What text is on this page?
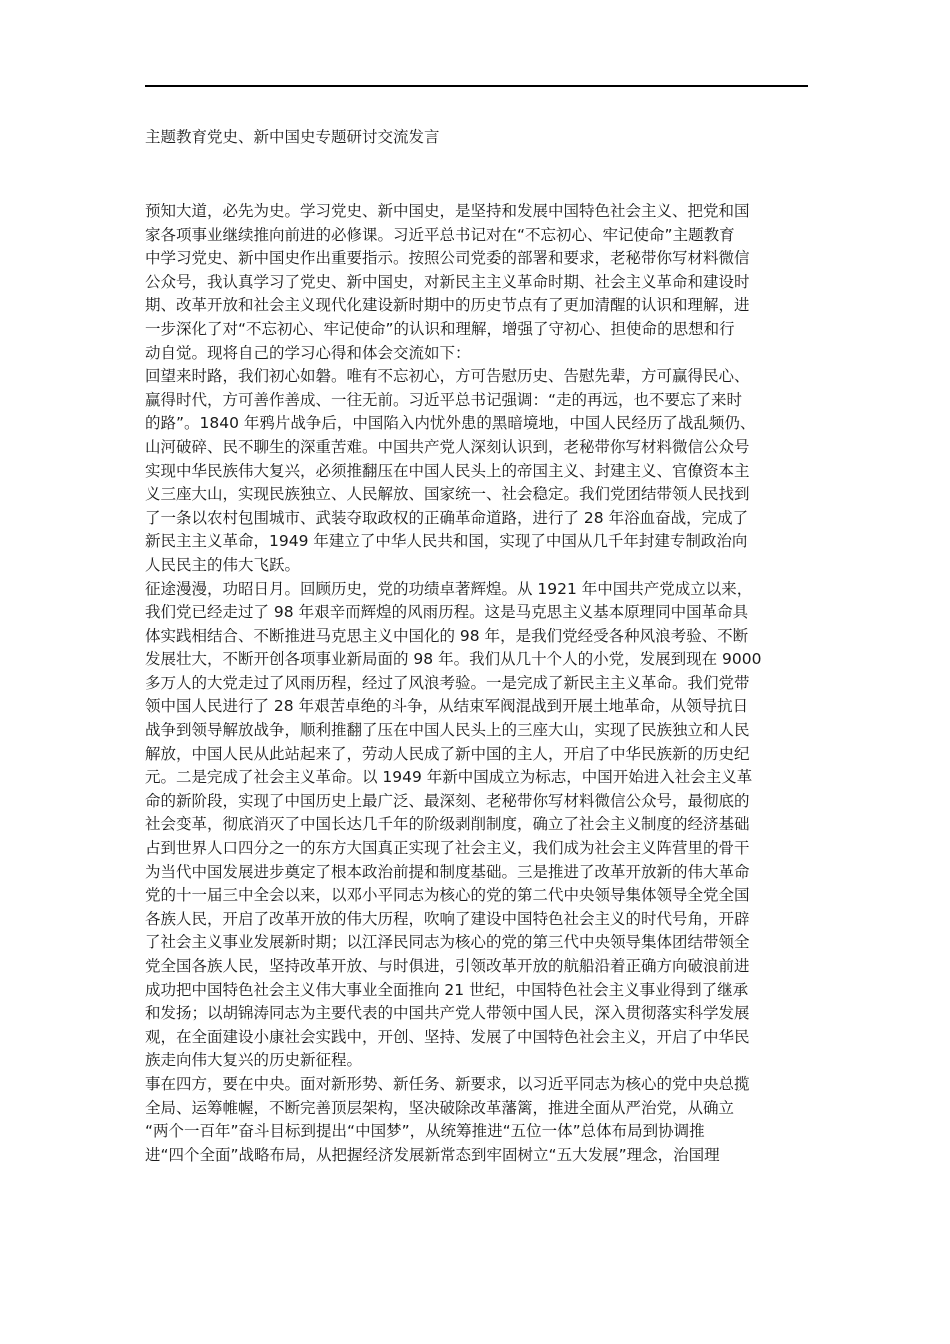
主题教育党史、新中国史专题研讨交流发言
预知大道，必先为史。学习党史、新中国史，是坚持和发展中国特色社会主义、把党和国
家各项事业继续推向前进的必修课。习近平总书记对在“不忘初心、牢记使命”主题教育
中学习党史、新中国史作出重要指示。按照公司党委的部署和要求，老秘带你写材料微信
公众号，我认真学习了党史、新中国史，对新民主主义革命时期、社会主义革命和建设时
期、改革开放和社会主义现代化建设新时期中的历史节点有了更加清醒的认识和理解，进
一步深化了对“不忘初心、牢记使命”的认识和理解，增强了守初心、担使命的思想和行
动自觉。现将自己的学习心得和体会交流如下：
回望来时路，我们初心如磐。唯有不忘初心，方可告慰历史、告慰先辈，方可赢得民心、
赢得时代，方可善作善成、一往无前。习近平总书记强调：“走的再远，也不要忘了来时
的路”。1840 年鸦片战争后，中国陷入内忧外患的黑暗境地，中国人民经历了战乱频仍、
山河破碎、民不聊生的深重苦难。中国共产党人深刻认识到，老秘带你写材料微信公众号
实现中华民族伟大复兴，必须推翻压在中国人民头上的帝国主义、封建主义、官僚资本主
义三座大山，实现民族独立、人民解放、国家统一、社会稳定。我们党团结带领人民找到
了一条以农村包围城市、武装夺取政权的正确革命道路，进行了 28 年浴血奋战，完成了
新民主主义革命，1949 年建立了中华人民共和国，实现了中国从几千年封建专制政治向
人民民主的伟大飞跃。
征途漫漫，功昭日月。回顾历史，党的功绩卓著辉煌。从 1921 年中国共产党成立以来，
我们党已经走过了 98 年艰辛而辉煌的风雨历程。这是马克思主义基本原理同中国革命具
体实践相结合、不断推进马克思主义中国化的 98 年，是我们党经受各种风浪考验、不断
发展壮大，不断开创各项事业新局面的 98 年。我们从几十个人的小党，发展到现在 9000
多万人的大党走过了风雨历程，经过了风浪考验。一是完成了新民主主义革命。我们党带
领中国人民进行了 28 年艰苦卓绝的斗争，从结束军阀混战到开展土地革命，从领导抗日
战争到领导解放战争，顺利推翻了压在中国人民头上的三座大山，实现了民族独立和人民
解放，中国人民从此站起来了，劳动人民成了新中国的主人，开启了中华民族新的历史纪
元。二是完成了社会主义革命。以 1949 年新中国成立为标志，中国开始进入社会主义革
命的新阶段，实现了中国历史上最广泛、最深刻、老秘带你写材料微信公众号，最彻底的
社会变革，彻底消灭了中国长达几千年的阶级剥削制度，确立了社会主义制度的经济基础
占到世界人口四分之一的东方大国真正实现了社会主义，我们成为社会主义阵营里的骨干
为当代中国发展进步奠定了根本政治前提和制度基础。三是推进了改革开放新的伟大革命
党的十一届三中全会以来，以邓小平同志为核心的党的第二代中央领导集体领导全党全国
各族人民，开启了改革开放的伟大历程，吹响了建设中国特色社会主义的时代号角，开辟
了社会主义事业发展新时期；以江泽民同志为核心的党的第三代中央领导集体团结带领全
党全国各族人民，坚持改革开放、与时俱进，引领改革开放的航船沿着正确方向破浪前进
成功把中国特色社会主义伟大事业全面推向 21 世纪，中国特色社会主义事业得到了继承
和发扬；以胡锦涛同志为主要代表的中国共产党人带领中国人民，深入贯彻落实科学发展
观，在全面建设小康社会实践中，开创、坚持、发展了中国特色社会主义，开启了中华民
族走向伟大复兴的历史新征程。
事在四方，要在中央。面对新形势、新任务、新要求，以习近平同志为核心的党中央总揽
全局、运筹帷幄，不断完善顶层架构，坚决破除改革藩篱，推进全面从严治党，从确立
“两个一百年”奋斗目标到提出“中国梦”，从统筹推进“五位一体”总体布局到协调推
进“四个全面”战略布局，从把握经济发展新常态到牢固树立“五大发展”理念，治国理
